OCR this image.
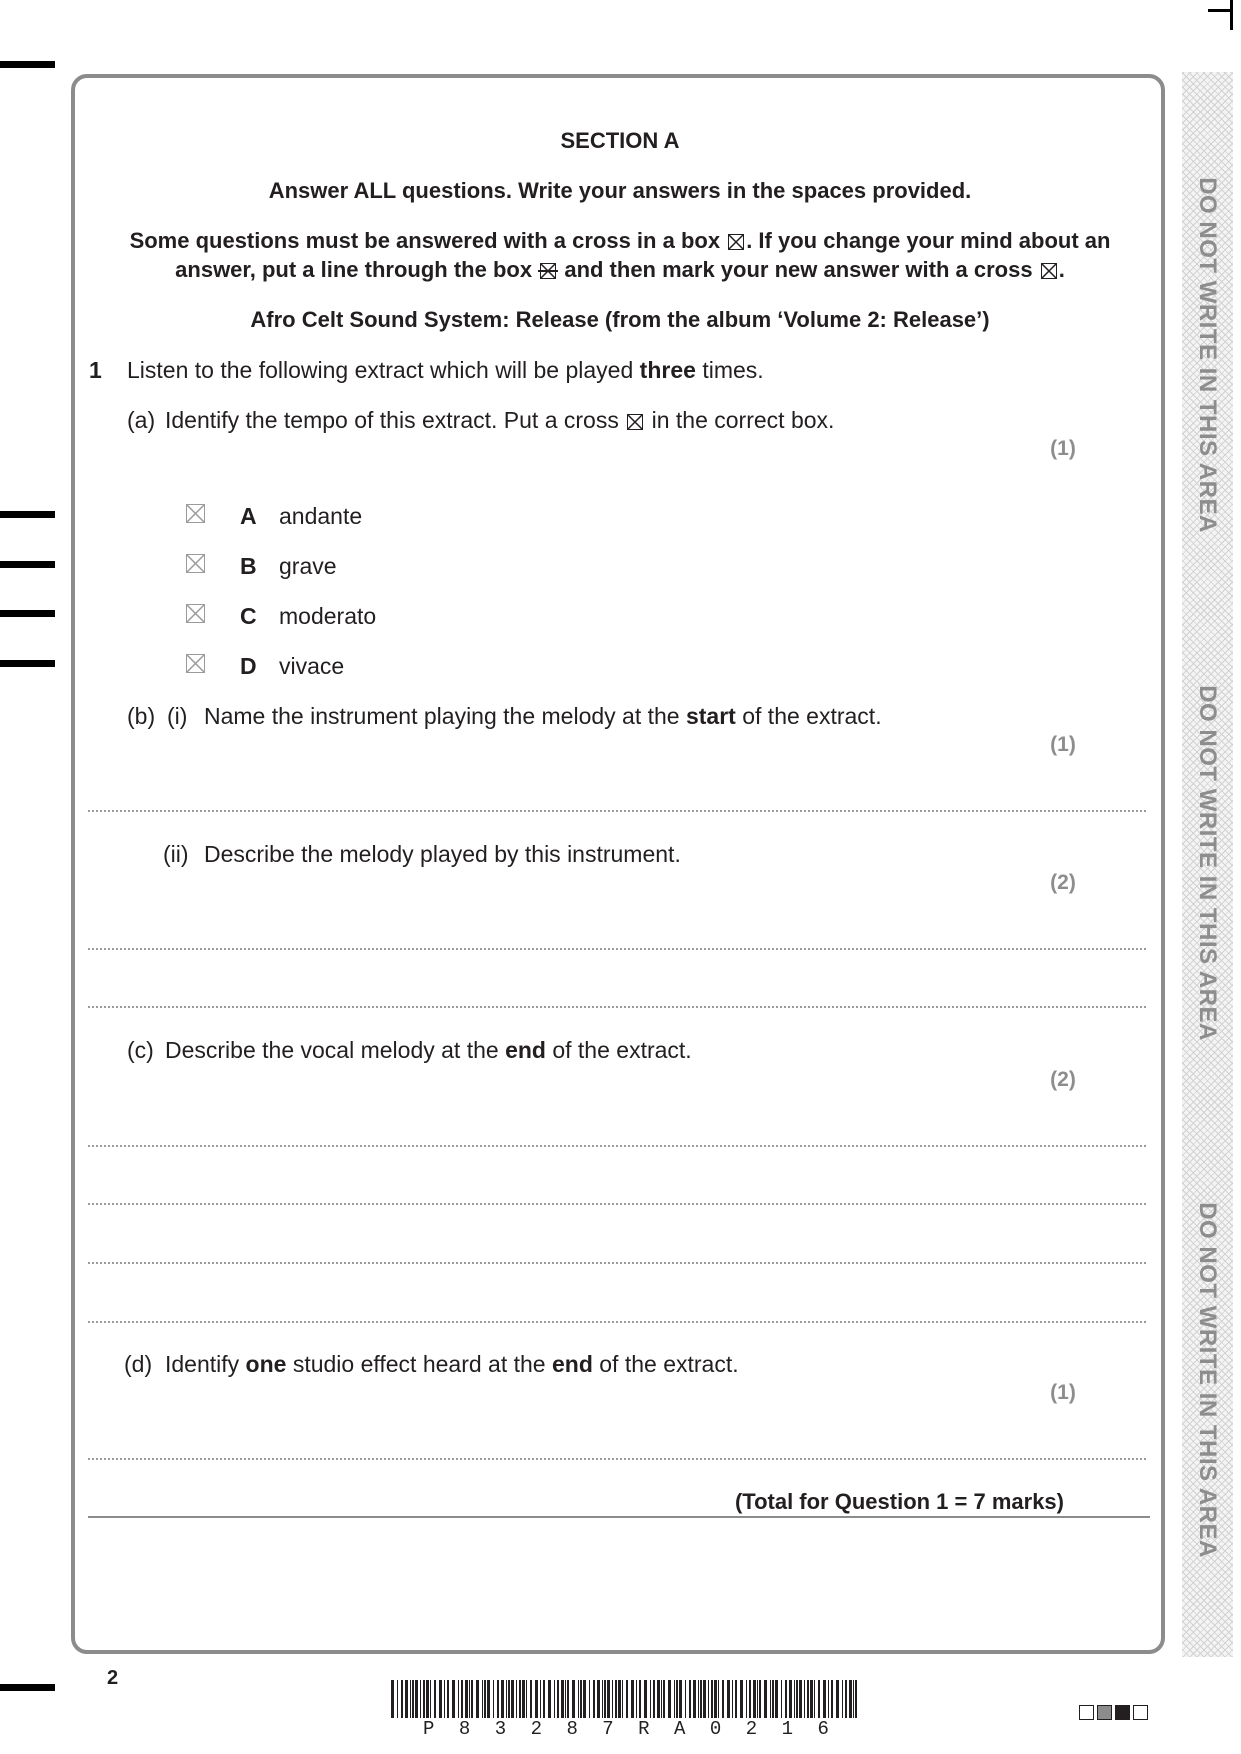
DO NOT WRITE IN THIS AREA
DO NOT WRITE IN THIS AREA
DO NOT WRITE IN THIS AREA
SECTION A
Answer ALL questions. Write your answers in the spaces provided.
Some questions must be answered with a cross in a box ☒ . If you change your mind about an
answer, put a line through the box and then mark your new answer with a cross ☒ .
Afro Celt Sound System: Release (from the album ‘Volume 2: Release’)
1 Listen to the following extract which will be played three times.
(a) Identify the tempo of this extract. Put a cross ☒ in the correct box.
(1)
A andante
B grave
C moderato
D vivace
(b) (i) Name the instrument playing the melody at the start of the extract.
(1)
(ii) Describe the melody played by this instrument.
(2)
(c) Describe the vocal melody at the end of the extract.
(2)
(d) Identify one studio effect heard at the end of the extract.
(1)
(Total for Question 1 = 7 marks)
2
P 8 3 2 8 7 R A 0 2 1 6
